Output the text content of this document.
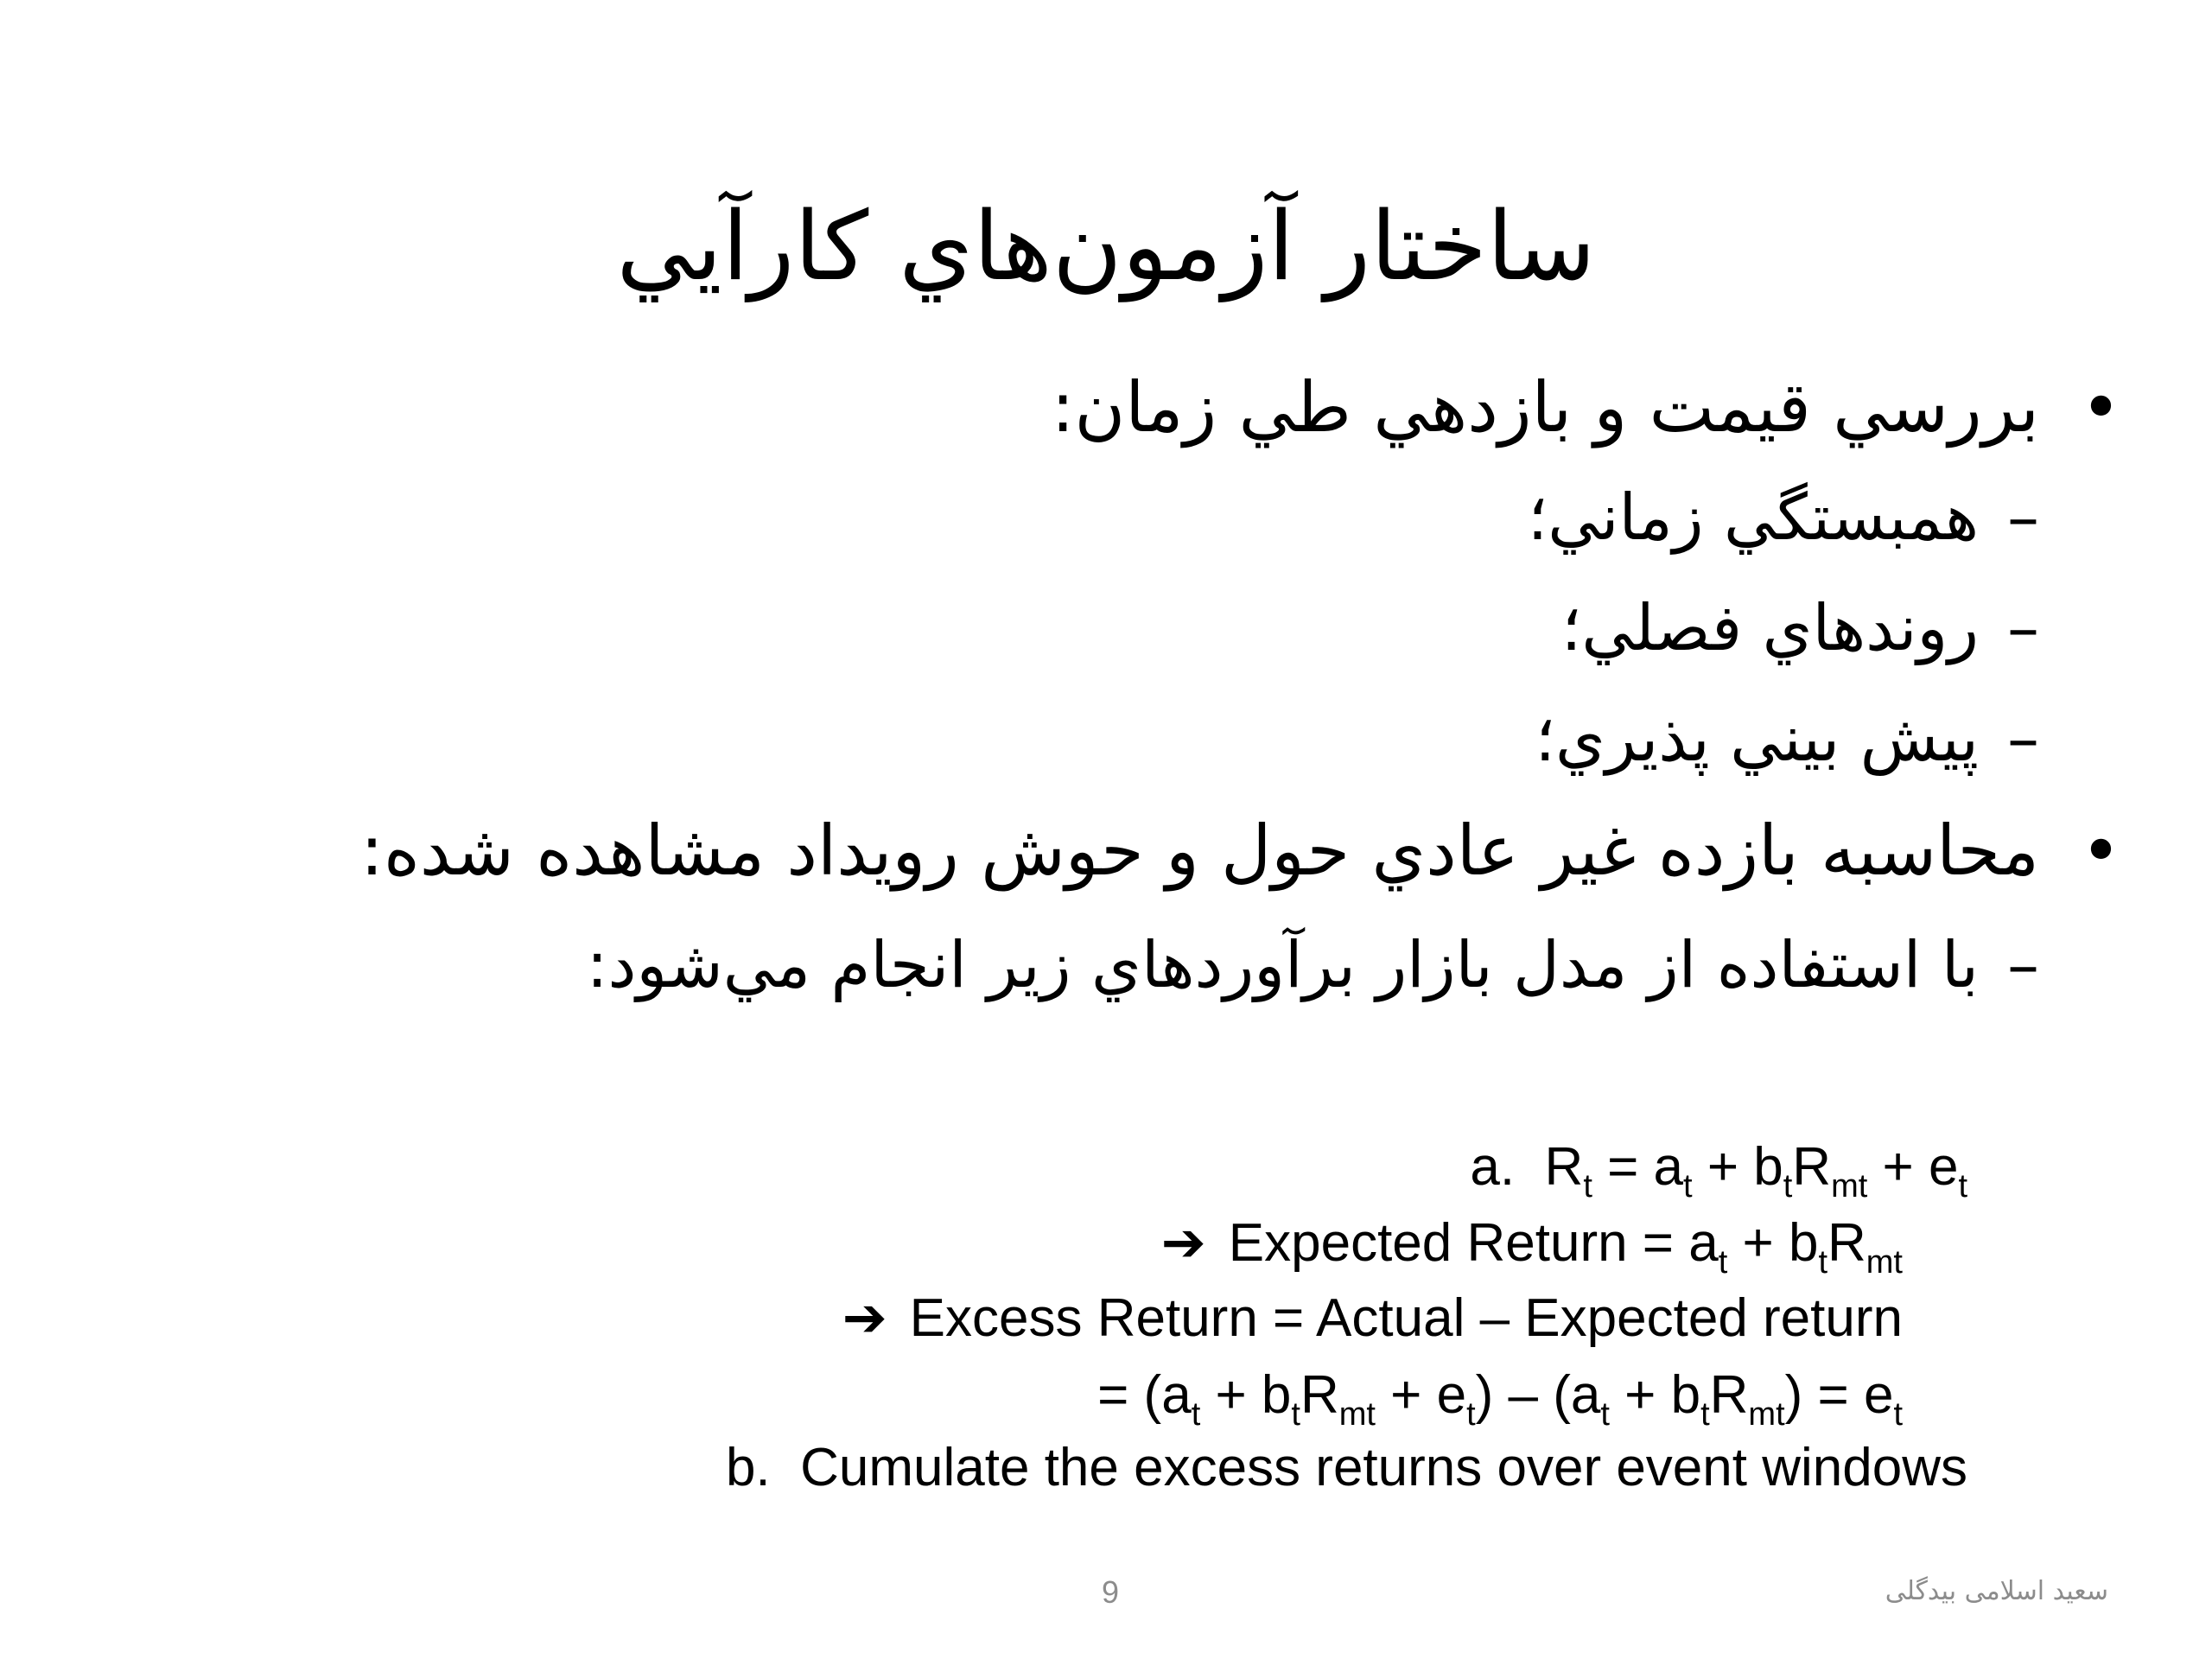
ساختار آزمون‌هاي كارآيي
•بررسي قيمت و بازدهي طي زمان:
–همبستگي زماني؛
–روندهاي فصلي؛
–پيش بيني پذيري؛
•محاسبه بازده غير عادي حول و حوش رويداد مشاهده شده:
–با استفاده از مدل بازار برآوردهاي زير انجام مي‌شود:
a.  $R_t = a_t + b_tR_{mt} + e_t$
➔ Expected Return = $a_t + b_tR_{mt}$
➔ Excess Return = Actual – Expected return
= $(a_t + b_tR_{mt} + e_t) - (a_t + b_tR_{mt}) = e_t$
b. Cumulate the excess returns over event windows
9	سعید اسلامی بیدگلی
